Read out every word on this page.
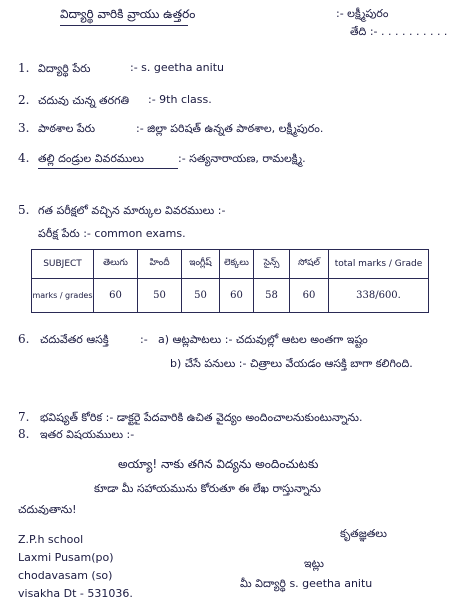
విద్యార్థి వారికి వ్రాయు ఉత్తరం	:- లక్ష్మీపురం
తేది :- . . . . . . . . . .
1. విద్యార్థి పేరు	:- s. geetha anitu
2. చదువు చున్న తరగతి :- 9th class.
3. పాఠశాల పేరు	:- జిల్లా పరిషత్ ఉన్నత పాఠశాల, లక్ష్మీపురం.
4. తల్లి దండ్రుల వివరములు	:- సత్యనారాయణ, రామలక్ష్మి.
5. గత పరీక్షలో వచ్చిన మార్కుల వివరములు :-
పరీక్ష పేరు :- common exams.
SUBJECT	తెలుగు	హిందీ	ఇంగ్లీష్	లెక్కలు	సైన్స్	సోషల్	total marks / Grade
marks / grades	60	50	50	60	58	60	338/600.
6. చదువేతర ఆసక్తి	:- a) ఆట్లపాటలు :- చదువుల్లో ఆటల అంతగా ఇష్టం
b) చేసే పనులు :- చిత్రాలు వేయడం ఆసక్తి బాగా కలిగింది.
7. భవిష్యత్ కోరిక :- డాక్టరై పేదవారికి ఉచిత వైద్యం అందించాలనుకుంటున్నాను.
8. ఇతర విషయములు :-
అయ్యా! నాకు తగిన విద్యను అందించుటకు
కూడా మీ సహాయమును కోరుతూ ఈ లేఖ రాస్తున్నాను
చదువుతాను!
కృతజ్ఞతలు
Z.P.h school
Laxmi Pusam(po)
chodavasam (so)
visakha Dt - 531036.
ఇట్లు
మీ విద్యార్థి s. geetha anitu
